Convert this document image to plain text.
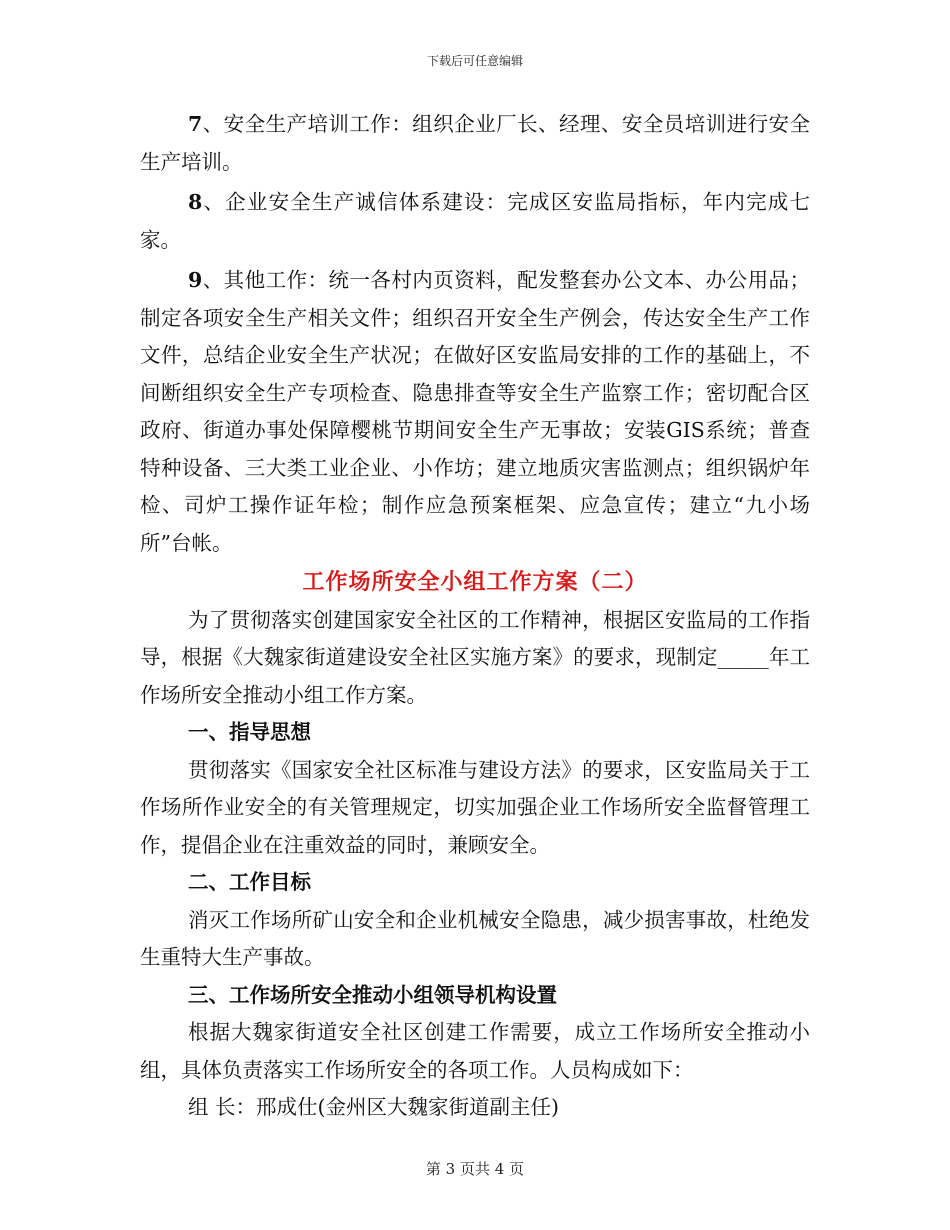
下载后可任意编辑

7、安全生产培训工作：组织企业厂长、经理、安全员培训进行安全生产培训。

8、企业安全生产诚信体系建设：完成区安监局指标，年内完成七家。

9、其他工作：统一各村内页资料，配发整套办公文本、办公用品；制定各项安全生产相关文件；组织召开安全生产例会，传达安全生产工作文件，总结企业安全生产状况；在做好区安监局安排的工作的基础上，不间断组织安全生产专项检查、隐患排查等安全生产监察工作；密切配合区政府、街道办事处保障樱桃节期间安全生产无事故；安装GIS系统；普查特种设备、三大类工业企业、小作坊；建立地质灾害监测点；组织锅炉年检、司炉工操作证年检；制作应急预案框架、应急宣传；建立“九小场所”台帐。

工作场所安全小组工作方案（二）

为了贯彻落实创建国家安全社区的工作精神，根据区安监局的工作指导，根据《大魏家街道建设安全社区实施方案》的要求，现制定_____年工作场所安全推动小组工作方案。

一、指导思想

贯彻落实《国家安全社区标准与建设方法》的要求，区安监局关于工作场所作业安全的有关管理规定，切实加强企业工作场所安全监督管理工作，提倡企业在注重效益的同时，兼顾安全。

二、工作目标

消灭工作场所矿山安全和企业机械安全隐患，减少损害事故，杜绝发生重特大生产事故。

三、工作场所安全推动小组领导机构设置

根据大魏家街道安全社区创建工作需要，成立工作场所安全推动小组，具体负责落实工作场所安全的各项工作。人员构成如下：

组 长：邢成仕(金州区大魏家街道副主任)

第 3 页共 4 页
